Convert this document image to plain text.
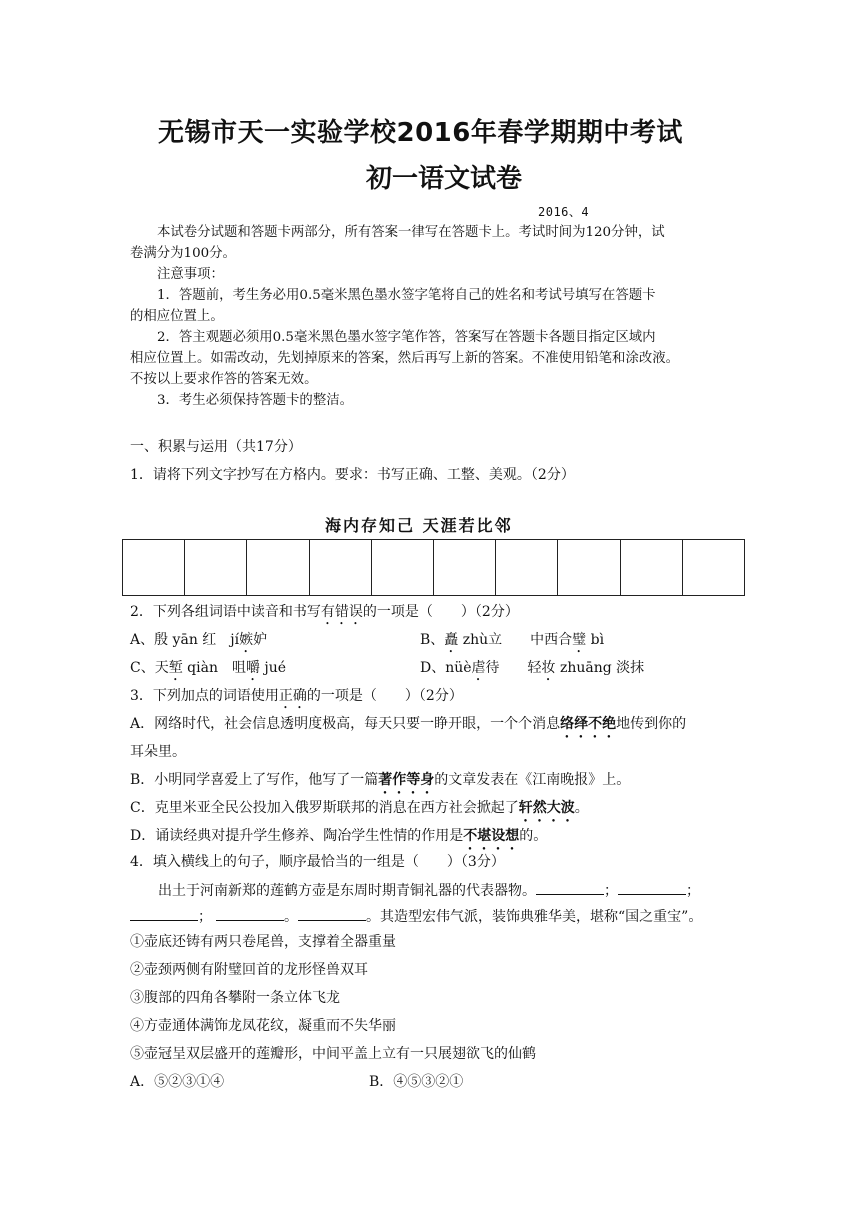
无锡市天一实验学校2016年春学期期中考试
初一语文试卷
2016、4
本试卷分试题和答题卡两部分，所有答案一律写在答题卡上。考试时间为120分钟，试
卷满分为100分。
注意事项：
1．答题前，考生务必用0.5毫米黑色墨水签字笔将自己的姓名和考试号填写在答题卡
的相应位置上。
2．答主观题必须用0.5毫米黑色墨水签字笔作答，答案写在答题卡各题目指定区域内
相应位置上。如需改动，先划掉原来的答案，然后再写上新的答案。不准使用铅笔和涂改液。
不按以上要求作答的答案无效。
3．考生必须保持答题卡的整洁。
一、积累与运用（共17分）
1．请将下列文字抄写在方格内。要求：书写正确、工整、美观。（2分）
海内存知己 天涯若比邻
2．下列各组词语中读音和书写有错误的一项是（　　）（2分）
A、殷 yān 红　jí嫉妒	B、矗 zhù立　　中西合璧 bì
C、天堑 qiàn　咀嚼 jué	D、nüè虐待　　轻妆 zhuāng 淡抹
3．下列加点的词语使用正确的一项是（　　）（2分）
A．网络时代，社会信息透明度极高，每天只要一睁开眼，一个个消息络绎不绝地传到你的
耳朵里。
B．小明同学喜爱上了写作，他写了一篇著作等身的文章发表在《江南晚报》上。
C．克里米亚全民公投加入俄罗斯联邦的消息在西方社会掀起了轩然大波。
D．诵读经典对提升学生修养、陶冶学生性情的作用是不堪设想的。
4．填入横线上的句子，顺序最恰当的一组是（　　）（3分）
出土于河南新郑的莲鹤方壶是东周时期青铜礼器的代表器物。	；	；
；	。	。其造型宏伟气派，装饰典雅华美，堪称“国之重宝”。
①壶底还铸有两只卷尾兽，支撑着全器重量
②壶颈两侧有附璧回首的龙形怪兽双耳
③腹部的四角各攀附一条立体飞龙
④方壶通体满饰龙凤花纹，凝重而不失华丽
⑤壶冠呈双层盛开的莲瓣形，中间平盖上立有一只展翅欲飞的仙鹤
A．⑤②③①④	B．④⑤③②①
